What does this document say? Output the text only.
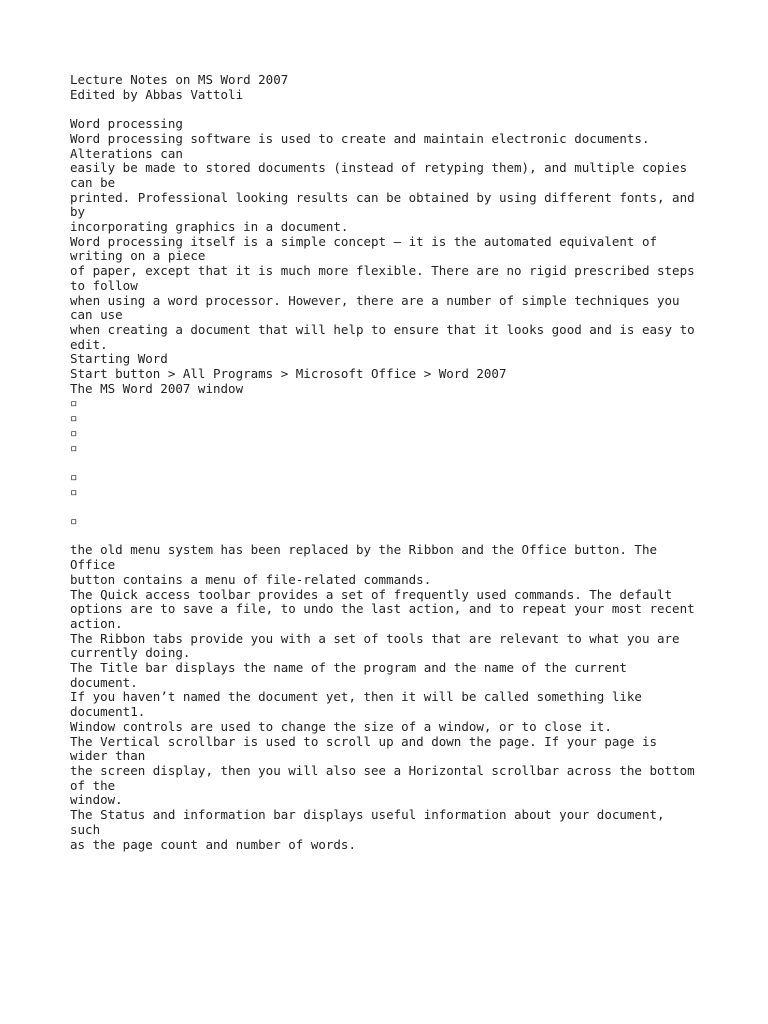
Lecture Notes on MS Word 2007
Edited by Abbas Vattoli
Word processing
Word processing software is used to create and maintain electronic documents.
Alterations can
easily be made to stored documents (instead of retyping them), and multiple copies
can be
printed. Professional looking results can be obtained by using different fonts, and
by
incorporating graphics in a document.
Word processing itself is a simple concept – it is the automated equivalent of
writing on a piece
of paper, except that it is much more flexible. There are no rigid prescribed steps
to follow
when using a word processor. However, there are a number of simple techniques you
can use
when creating a document that will help to ensure that it looks good and is easy to
edit.
Starting Word
Start button > All Programs > Microsoft Office > Word 2007
The MS Word 2007 window
▫
▫
▫
▫
▫
▫
▫
the old menu system has been replaced by the Ribbon and the Office button. The
Office
button contains a menu of file-related commands.
The Quick access toolbar provides a set of frequently used commands. The default
options are to save a file, to undo the last action, and to repeat your most recent
action.
The Ribbon tabs provide you with a set of tools that are relevant to what you are
currently doing.
The Title bar displays the name of the program and the name of the current
document.
If you haven’t named the document yet, then it will be called something like
document1.
Window controls are used to change the size of a window, or to close it.
The Vertical scrollbar is used to scroll up and down the page. If your page is
wider than
the screen display, then you will also see a Horizontal scrollbar across the bottom
of the
window.
The Status and information bar displays useful information about your document,
such
as the page count and number of words.
